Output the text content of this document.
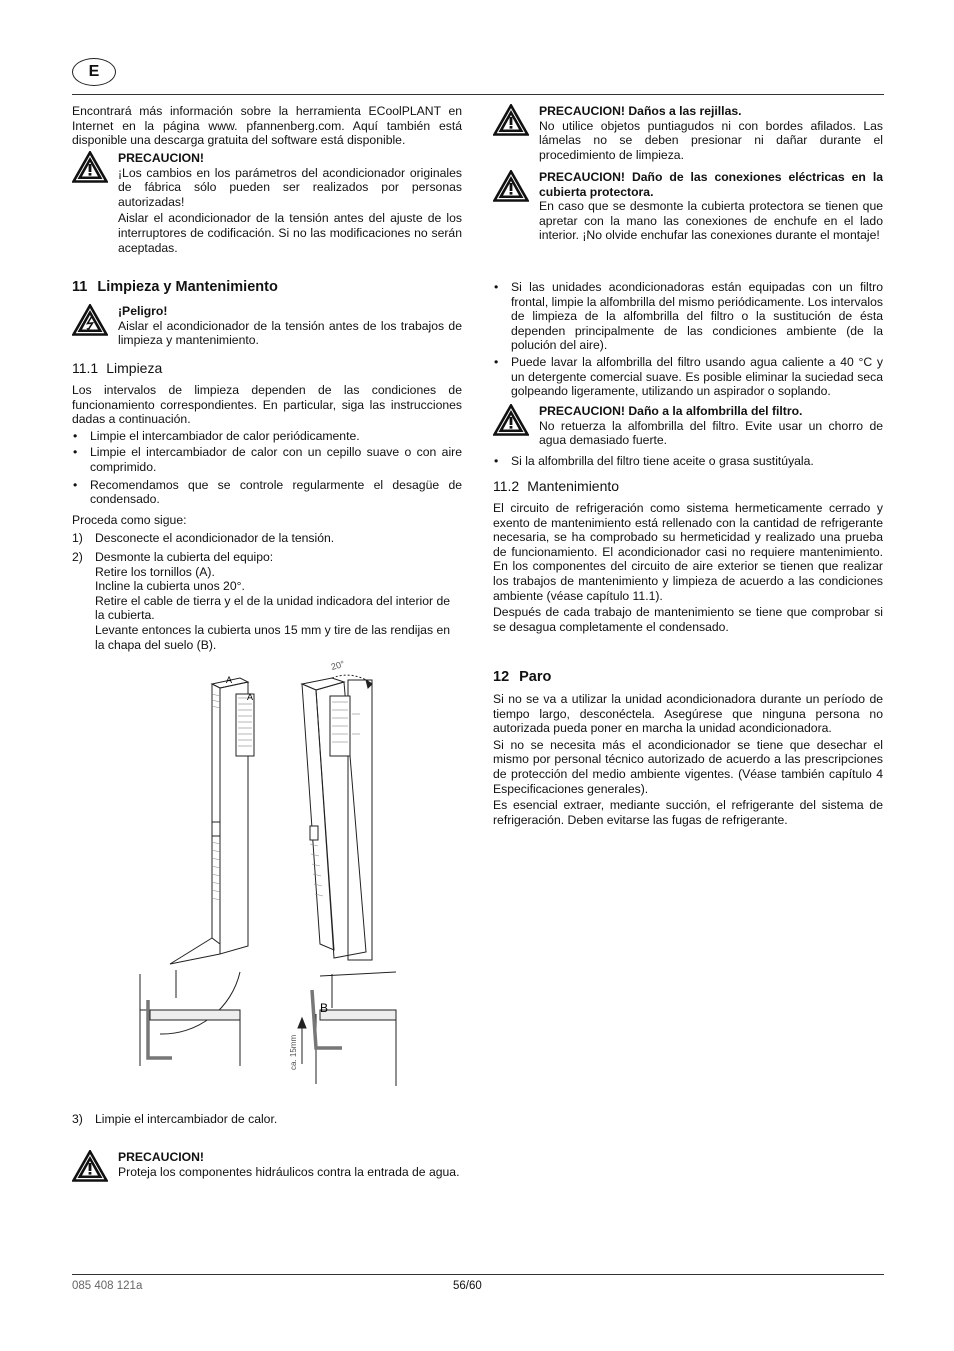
E

Encontrará más información sobre la herramienta ECoolPLANT en Internet en la página www. pfannenberg.com. Aquí también está disponible una descarga gratuita del software está disponible.

PRECAUCION!

¡Los cambios en los parámetros del acondicionador originales de fábrica sólo pueden ser realizados por personas autorizadas!

Aislar el acondicionador de la tensión antes del ajuste de los interruptores de codificación. Si no las modificaciones no serán aceptadas.

11 Limpieza y Mantenimiento

¡Peligro!

Aislar el acondicionador de la tensión antes de los trabajos de limpieza y mantenimiento.

11.1 Limpieza

Los intervalos de limpieza dependen de las condiciones de funcionamiento correspondientes. En particular, siga las instrucciones dadas a continuación.

• Limpie el intercambiador de calor periódicamente.
• Limpie el intercambiador de calor con un cepillo suave o con aire comprimido.
• Recomendamos que se controle regularmente el desagüe de condensado.

Proceda como sigue:

1) Desconecte el acondicionador de la tensión.
2) Desmonte la cubierta del equipo:
Retire los tornillos (A).
Incline la cubierta unos 20°.
Retire el cable de tierra y el de la unidad indicadora del interior de la cubierta.
Levante entonces la cubierta unos 15 mm y tire de las rendijas en la chapa del suelo (B).
A
A
20°
B
ca. 15mm
3) Limpie el intercambiador de calor.

PRECAUCION!

Proteja los componentes hidráulicos contra la entrada de agua.

PRECAUCION! Daños a las rejillas.

No utilice objetos puntiagudos ni con bordes afilados. Las lámelas no se deben presionar ni dañar durante el procedimiento de limpieza.

PRECAUCION! Daño de las conexiones eléctricas en la cubierta protectora.

En caso que se desmonte la cubierta protectora se tienen que apretar con la mano las conexiones de enchufe en el lado interior. ¡No olvide enchufar las conexiones durante el montaje!

• Si las unidades acondicionadoras están equipadas con un filtro frontal, limpie la alfombrilla del mismo periódicamente. Los intervalos de limpieza de la alfombrilla del filtro o la sustitución de ésta dependen principalmente de las condiciones ambiente (de la polución del aire).
• Puede lavar la alfombrilla del filtro usando agua caliente a 40 °C y un detergente comercial suave. Es posible eliminar la suciedad seca golpeando ligeramente, utilizando un aspirador o soplando.

PRECAUCION! Daño a la alfombrilla del filtro.

No retuerza la alfombrilla del filtro. Evite usar un chorro de agua demasiado fuerte.

• Si la alfombrilla del filtro tiene aceite o grasa sustitúyala.
11.2 Mantenimiento

El circuito de refrigeración como sistema hermeticamente cerrado y exento de mantenimiento está rellenado con la cantidad de refrigerante necesaria, se ha comprobado su hermeticidad y realizado una prueba de funcionamiento. El acondicionador casi no requiere mantenimiento. En los componentes del circuito de aire exterior se tienen que realizar los trabajos de mantenimiento y limpieza de acuerdo a las condiciones ambiente (véase capítulo 11.1).

Después de cada trabajo de mantenimiento se tiene que comprobar si se desagua completamente el condensado.

12 Paro

Si no se va a utilizar la unidad acondicionadora durante un período de tiempo largo, desconéctela. Asegúrese que ninguna persona no autorizada pueda poner en marcha la unidad acondicionadora.

Si no se necesita más el acondicionador se tiene que desechar el mismo por personal técnico autorizado de acuerdo a las prescripciones de protección del medio ambiente vigentes. (Véase también capítulo 4 Especificaciones generales).

Es esencial extraer, mediante succión, el refrigerante del sistema de refrigeración. Deben evitarse las fugas de refrigerante.

085 408 121a	56/60
